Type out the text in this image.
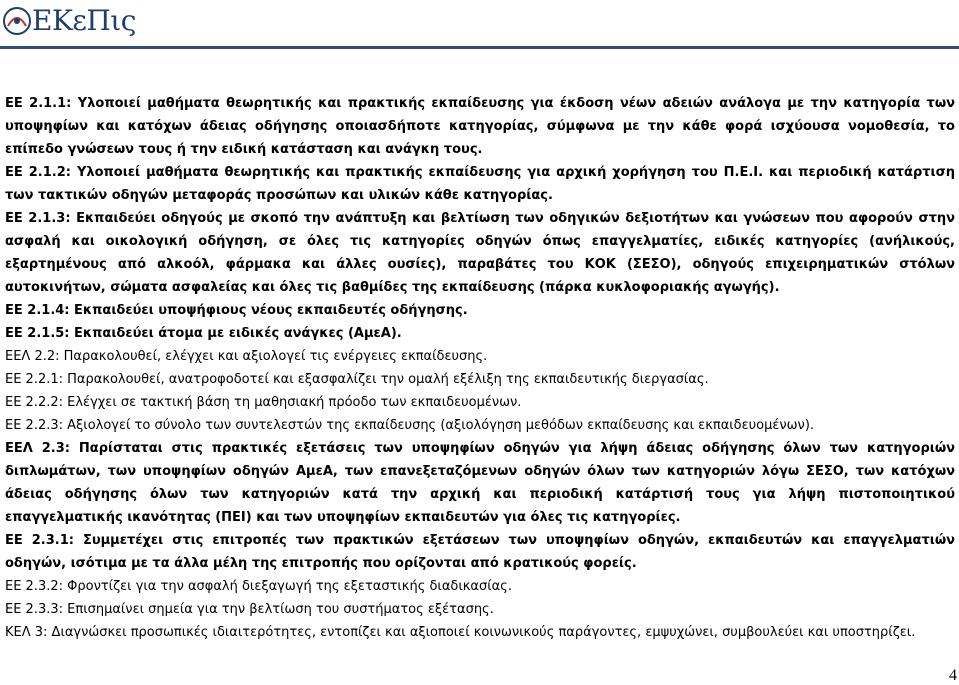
ΕΚεΠις

ΕΕ 2.1.1: Υλοποιεί μαθήματα θεωρητικής και πρακτικής εκπαίδευσης για έκδοση νέων αδειών ανάλογα με την κατηγορία των υποψηφίων και κατόχων άδειας οδήγησης οποιασδήποτε κατηγορίας, σύμφωνα με την κάθε φορά ισχύουσα νομοθεσία, το επίπεδο γνώσεων τους ή την ειδική κατάσταση και ανάγκη τους.

ΕΕ 2.1.2: Υλοποιεί μαθήματα θεωρητικής και πρακτικής εκπαίδευσης για αρχική χορήγηση του Π.Ε.Ι. και περιοδική κατάρτιση των τακτικών οδηγών μεταφοράς προσώπων και υλικών κάθε κατηγορίας.

ΕΕ 2.1.3: Εκπαιδεύει οδηγούς με σκοπό την ανάπτυξη και βελτίωση των οδηγικών δεξιοτήτων και γνώσεων που αφορούν στην ασφαλή και οικολογική οδήγηση, σε όλες τις κατηγορίες οδηγών όπως επαγγελματίες, ειδικές κατηγορίες (ανήλικούς, εξαρτημένους από αλκοόλ, φάρμακα και άλλες ουσίες), παραβάτες του ΚΟΚ (ΣΕΣΟ), οδηγούς επιχειρηματικών στόλων αυτοκινήτων, σώματα ασφαλείας και όλες τις βαθμίδες της εκπαίδευσης (πάρκα κυκλοφοριακής αγωγής).

ΕΕ 2.1.4: Εκπαιδεύει υποψήφιους νέους εκπαιδευτές οδήγησης.

ΕΕ 2.1.5: Εκπαιδεύει άτομα με ειδικές ανάγκες (ΑμεΑ).

ΕΕΛ 2.2: Παρακολουθεί, ελέγχει και αξιολογεί τις ενέργειες εκπαίδευσης.

ΕΕ 2.2.1: Παρακολουθεί, ανατροφοδοτεί και εξασφαλίζει την ομαλή εξέλιξη της εκπαιδευτικής διεργασίας.

ΕΕ 2.2.2: Ελέγχει σε τακτική βάση τη μαθησιακή πρόοδο των εκπαιδευομένων.

ΕΕ 2.2.3: Αξιολογεί το σύνολο των συντελεστών της εκπαίδευσης (αξιολόγηση μεθόδων εκπαίδευσης και εκπαιδευομένων).

ΕΕΛ 2.3: Παρίσταται στις πρακτικές εξετάσεις των υποψηφίων οδηγών για λήψη άδειας οδήγησης όλων των κατηγοριών διπλωμάτων, των υποψηφίων οδηγών ΑμεΑ, των επανεξεταζόμενων οδηγών όλων των κατηγοριών λόγω ΣΕΣΟ, των κατόχων άδειας οδήγησης όλων των κατηγοριών κατά την αρχική και περιοδική κατάρτισή τους για λήψη πιστοποιητικού επαγγελματικής ικανότητας (ΠΕΙ) και των υποψηφίων εκπαιδευτών για όλες τις κατηγορίες.

ΕΕ 2.3.1: Συμμετέχει στις επιτροπές των πρακτικών εξετάσεων των υποψηφίων οδηγών, εκπαιδευτών και επαγγελματιών οδηγών, ισότιμα με τα άλλα μέλη της επιτροπής που ορίζονται από κρατικούς φορείς.

ΕΕ 2.3.2: Φροντίζει για την ασφαλή διεξαγωγή της εξεταστικής διαδικασίας.

ΕΕ 2.3.3: Επισημαίνει σημεία για την βελτίωση του συστήματος εξέτασης.

ΚΕΛ 3: Διαγνώσκει προσωπικές ιδιαιτερότητες, εντοπίζει και αξιοποιεί κοινωνικούς παράγοντες, εμψυχώνει, συμβουλεύει και υποστηρίζει.

4
